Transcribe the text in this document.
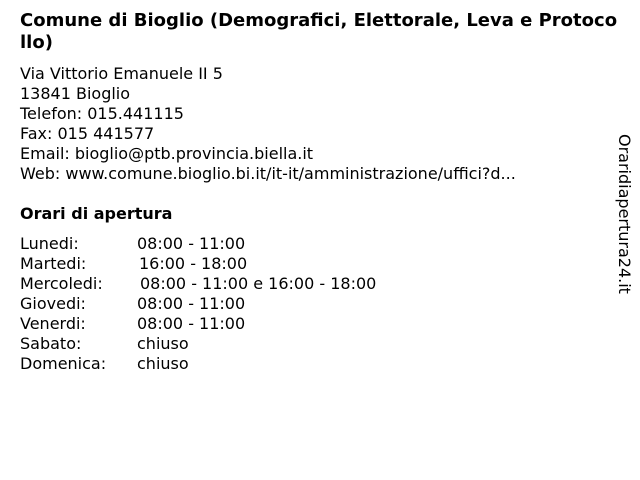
Comune di Bioglio (Demografici, Elettorale, Leva e Protocollo)
Via Vittorio Emanuele II 5
13841 Bioglio
Telefon: 015.441115
Fax: 015 441577
Email: bioglio@ptb.provincia.biella.it
Web: www.comune.bioglio.bi.it/it-it/amministrazione/uffici?d...
Orari di apertura
Lunedi:	08:00 - 11:00
Martedi:	16:00 - 18:00
Mercoledi: 08:00 - 11:00 e 16:00 - 18:00
Giovedi:	08:00 - 11:00
Venerdi:	08:00 - 11:00
Sabato:	chiuso
Domenica: chiuso
Oraridiapertura24.it
